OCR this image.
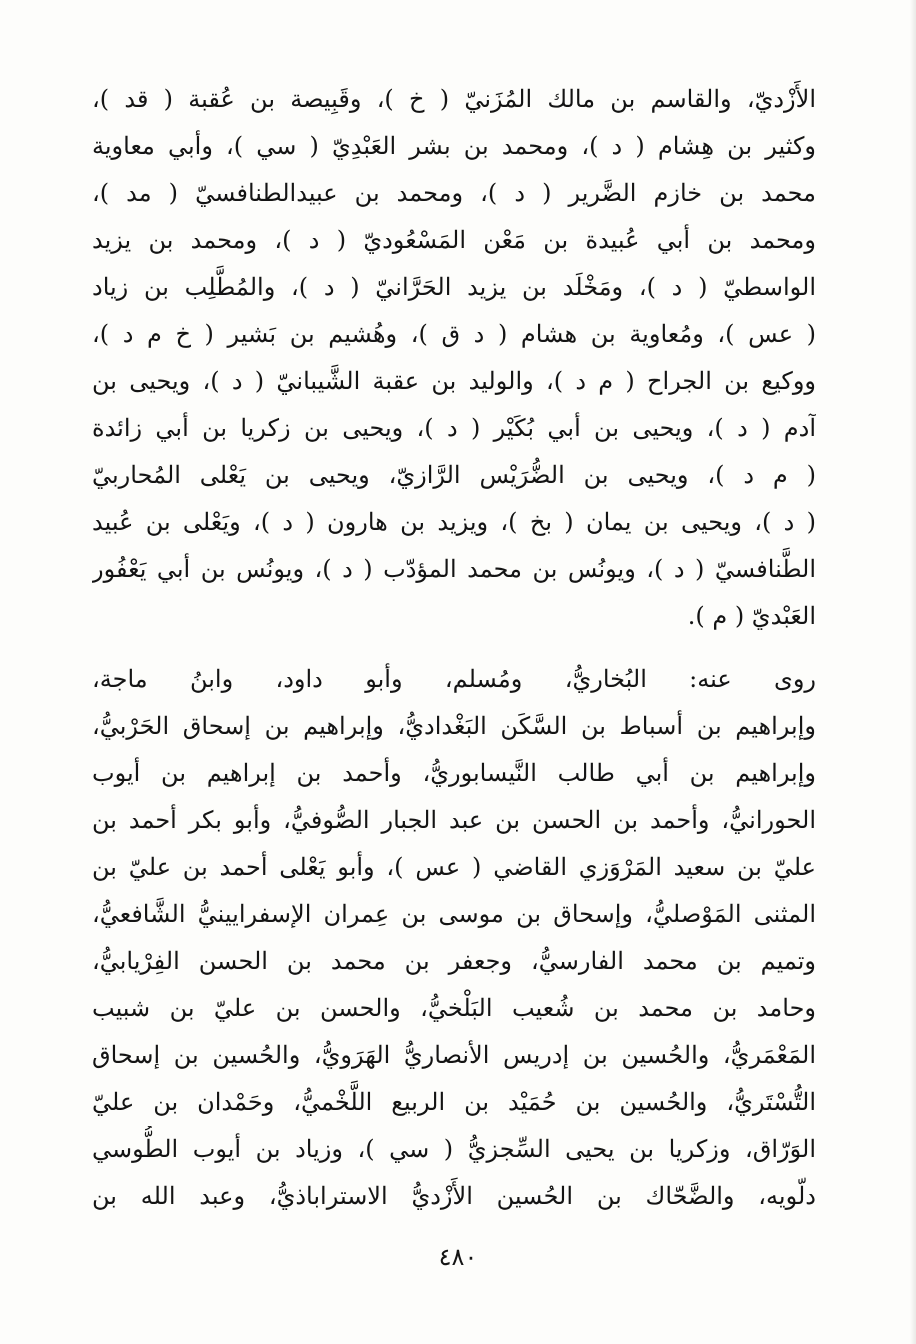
الأَزْديّ، والقاسم بن مالك المُزَنيّ ( خ )، وقَبِيصة بن عُقبة ( قد )،
وكثير بن هِشام ( د )، ومحمد بن بشر العَبْدِيّ ( سي )، وأبي معاوية
محمد بن خازم الضَّرير ( د )، ومحمد بن عبيدالطنافسيّ ( مد )،
ومحمد بن أبي عُبيدة بن مَعْن المَسْعُوديّ ( د )، ومحمد بن يزيد
الواسطيّ ( د )، ومَخْلَد بن يزيد الحَرَّانيّ ( د )، والمُطَّلِب بن زياد
( عس )، ومُعاوية بن هشام ( د ق )، وهُشيم بن بَشير ( خ م د )،
ووكيع بن الجراح ( م د )، والوليد بن عقبة الشَّيبانيّ ( د )، ويحيى بن
آدم ( د )، ويحيى بن أبي بُكَيْر ( د )، ويحيى بن زكريا بن أبي زائدة
( م د )، ويحيى بن الضُّرَيْس الرَّازيّ، ويحيى بن يَعْلى المُحاربيّ
( د )، ويحيى بن يمان ( بخ )، ويزيد بن هارون ( د )، ويَعْلى بن عُبيد
الطَّنافسيّ ( د )، ويونُس بن محمد المؤدّب ( د )، ويونُس بن أبي يَعْفُور
العَبْديّ ( م ).
روى عنه: البُخاريُّ، ومُسلم، وأبو داود، وابنُ ماجة،
وإبراهيم بن أسباط بن السَّكَن البَغْداديُّ، وإبراهيم بن إسحاق الحَرْبيُّ،
وإبراهيم بن أبي طالب النَّيسابوريُّ، وأحمد بن إبراهيم بن أيوب
الحورانيُّ، وأحمد بن الحسن بن عبد الجبار الصُّوفيُّ، وأبو بكر أحمد بن
عليّ بن سعيد المَرْوَزي القاضي ( عس )، وأبو يَعْلى أحمد بن عليّ بن
المثنى المَوْصليُّ، وإسحاق بن موسى بن عِمران الإسفرايينيُّ الشَّافعيُّ،
وتميم بن محمد الفارسيُّ، وجعفر بن محمد بن الحسن الفِرْيابيُّ،
وحامد بن محمد بن شُعيب البَلْخيُّ، والحسن بن عليّ بن شبيب
المَعْمَريُّ، والحُسين بن إدريس الأنصاريُّ الهَرَويُّ، والحُسين بن إسحاق
التُّسْتَريُّ، والحُسين بن حُمَيْد بن الربيع اللَّخْميُّ، وحَمْدان بن عليّ
الوَرّاق، وزكريا بن يحيى السِّجزيُّ ( سي )، وزياد بن أيوب الطُّوسي
دلّويه، والضَّحّاك بن الحُسين الأَزْديُّ الاستراباذيُّ، وعبد الله بن
٤٨٠
